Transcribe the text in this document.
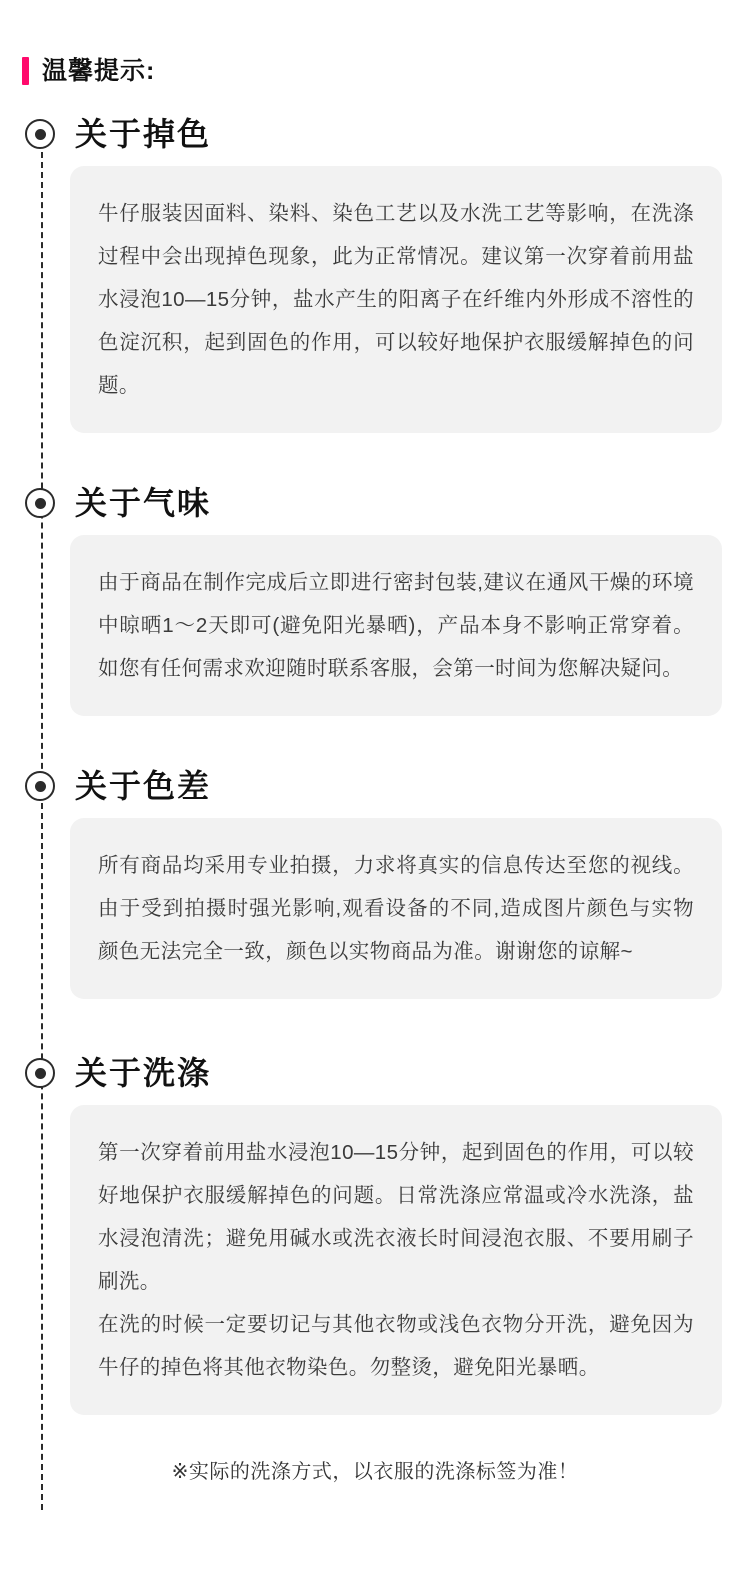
温馨提示:
关于掉色

牛仔服装因面料、染料、染色工艺以及水洗工艺等影响，在洗涤过程中会出现掉色现象，此为正常情况。建议第一次穿着前用盐水浸泡10—15分钟，盐水产生的阳离子在纤维内外形成不溶性的色淀沉积，起到固色的作用，可以较好地保护衣服缓解掉色的问题。

关于气味

由于商品在制作完成后立即进行密封包装,建议在通风干燥的环境中晾晒1～2天即可(避免阳光暴晒)，产品本身不影响正常穿着。如您有任何需求欢迎随时联系客服，会第一时间为您解决疑问。

关于色差

所有商品均采用专业拍摄，力求将真实的信息传达至您的视线。由于受到拍摄时强光影响,观看设备的不同,造成图片颜色与实物颜色无法完全一致，颜色以实物商品为准。谢谢您的谅解~

关于洗涤

第一次穿着前用盐水浸泡10—15分钟，起到固色的作用，可以较好地保护衣服缓解掉色的问题。日常洗涤应常温或冷水洗涤，盐水浸泡清洗；避免用碱水或洗衣液长时间浸泡衣服、不要用刷子刷洗。

在洗的时候一定要切记与其他衣物或浅色衣物分开洗，避免因为牛仔的掉色将其他衣物染色。勿整烫，避免阳光暴晒。

※实际的洗涤方式，以衣服的洗涤标签为准！
